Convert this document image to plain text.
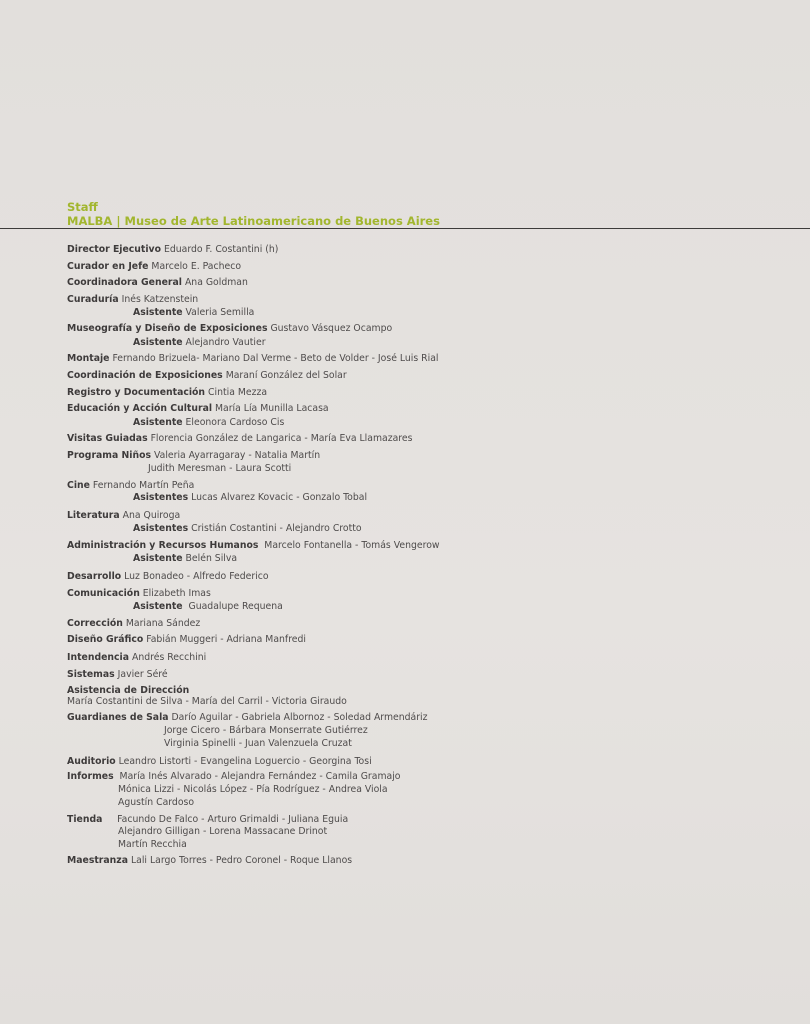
Staff
MALBA | Museo de Arte Latinoamericano de Buenos Aires
Director Ejecutivo Eduardo F. Costantini (h)
Curador en Jefe Marcelo E. Pacheco
Coordinadora General Ana Goldman
Curaduría Inés Katzenstein
Asistente Valeria Semilla
Museografía y Diseño de Exposiciones Gustavo Vásquez Ocampo
Asistente Alejandro Vautier
Montaje Fernando Brizuela- Mariano Dal Verme - Beto de Volder - José Luis Rial
Coordinación de Exposiciones Maraní González del Solar
Registro y Documentación Cintia Mezza
Educación y Acción Cultural María Lía Munilla Lacasa
Asistente Eleonora Cardoso Cis
Visitas Guiadas Florencia González de Langarica - María Eva Llamazares
Programa Niños Valeria Ayarragaray - Natalia Martín
Judith Meresman - Laura Scotti
Cine Fernando Martín Peña
Asistentes Lucas Alvarez Kovacic - Gonzalo Tobal
Literatura Ana Quiroga
Asistentes Cristián Costantini - Alejandro Crotto
Administración y Recursos Humanos Marcelo Fontanella - Tomás Vengerow
Asistente Belén Silva
Desarrollo Luz Bonadeo - Alfredo Federico
Comunicación Elizabeth Imas
Asistente Guadalupe Requena
Corrección Mariana Sández
Diseño Gráfico Fabián Muggeri - Adriana Manfredi
Intendencia Andrés Recchini
Sistemas Javier Séré
Asistencia de Dirección
María Costantini de Silva - María del Carril - Victoria Giraudo
Guardianes de Sala Darío Aguilar - Gabriela Albornoz - Soledad Armendáriz
Jorge Cicero - Bárbara Monserrate Gutiérrez
Virginia Spinelli - Juan Valenzuela Cruzat
Auditorio Leandro Listorti - Evangelina Loguercio - Georgina Tosi
Informes María Inés Alvarado - Alejandra Fernández - Camila Gramajo
Mónica Lizzi - Nicolás López - Pía Rodríguez - Andrea Viola
Agustín Cardoso
Tienda Facundo De Falco - Arturo Grimaldi - Juliana Eguia
Alejandro Gilligan - Lorena Massacane Drinot
Martín Recchia
Maestranza Lali Largo Torres - Pedro Coronel - Roque Llanos
